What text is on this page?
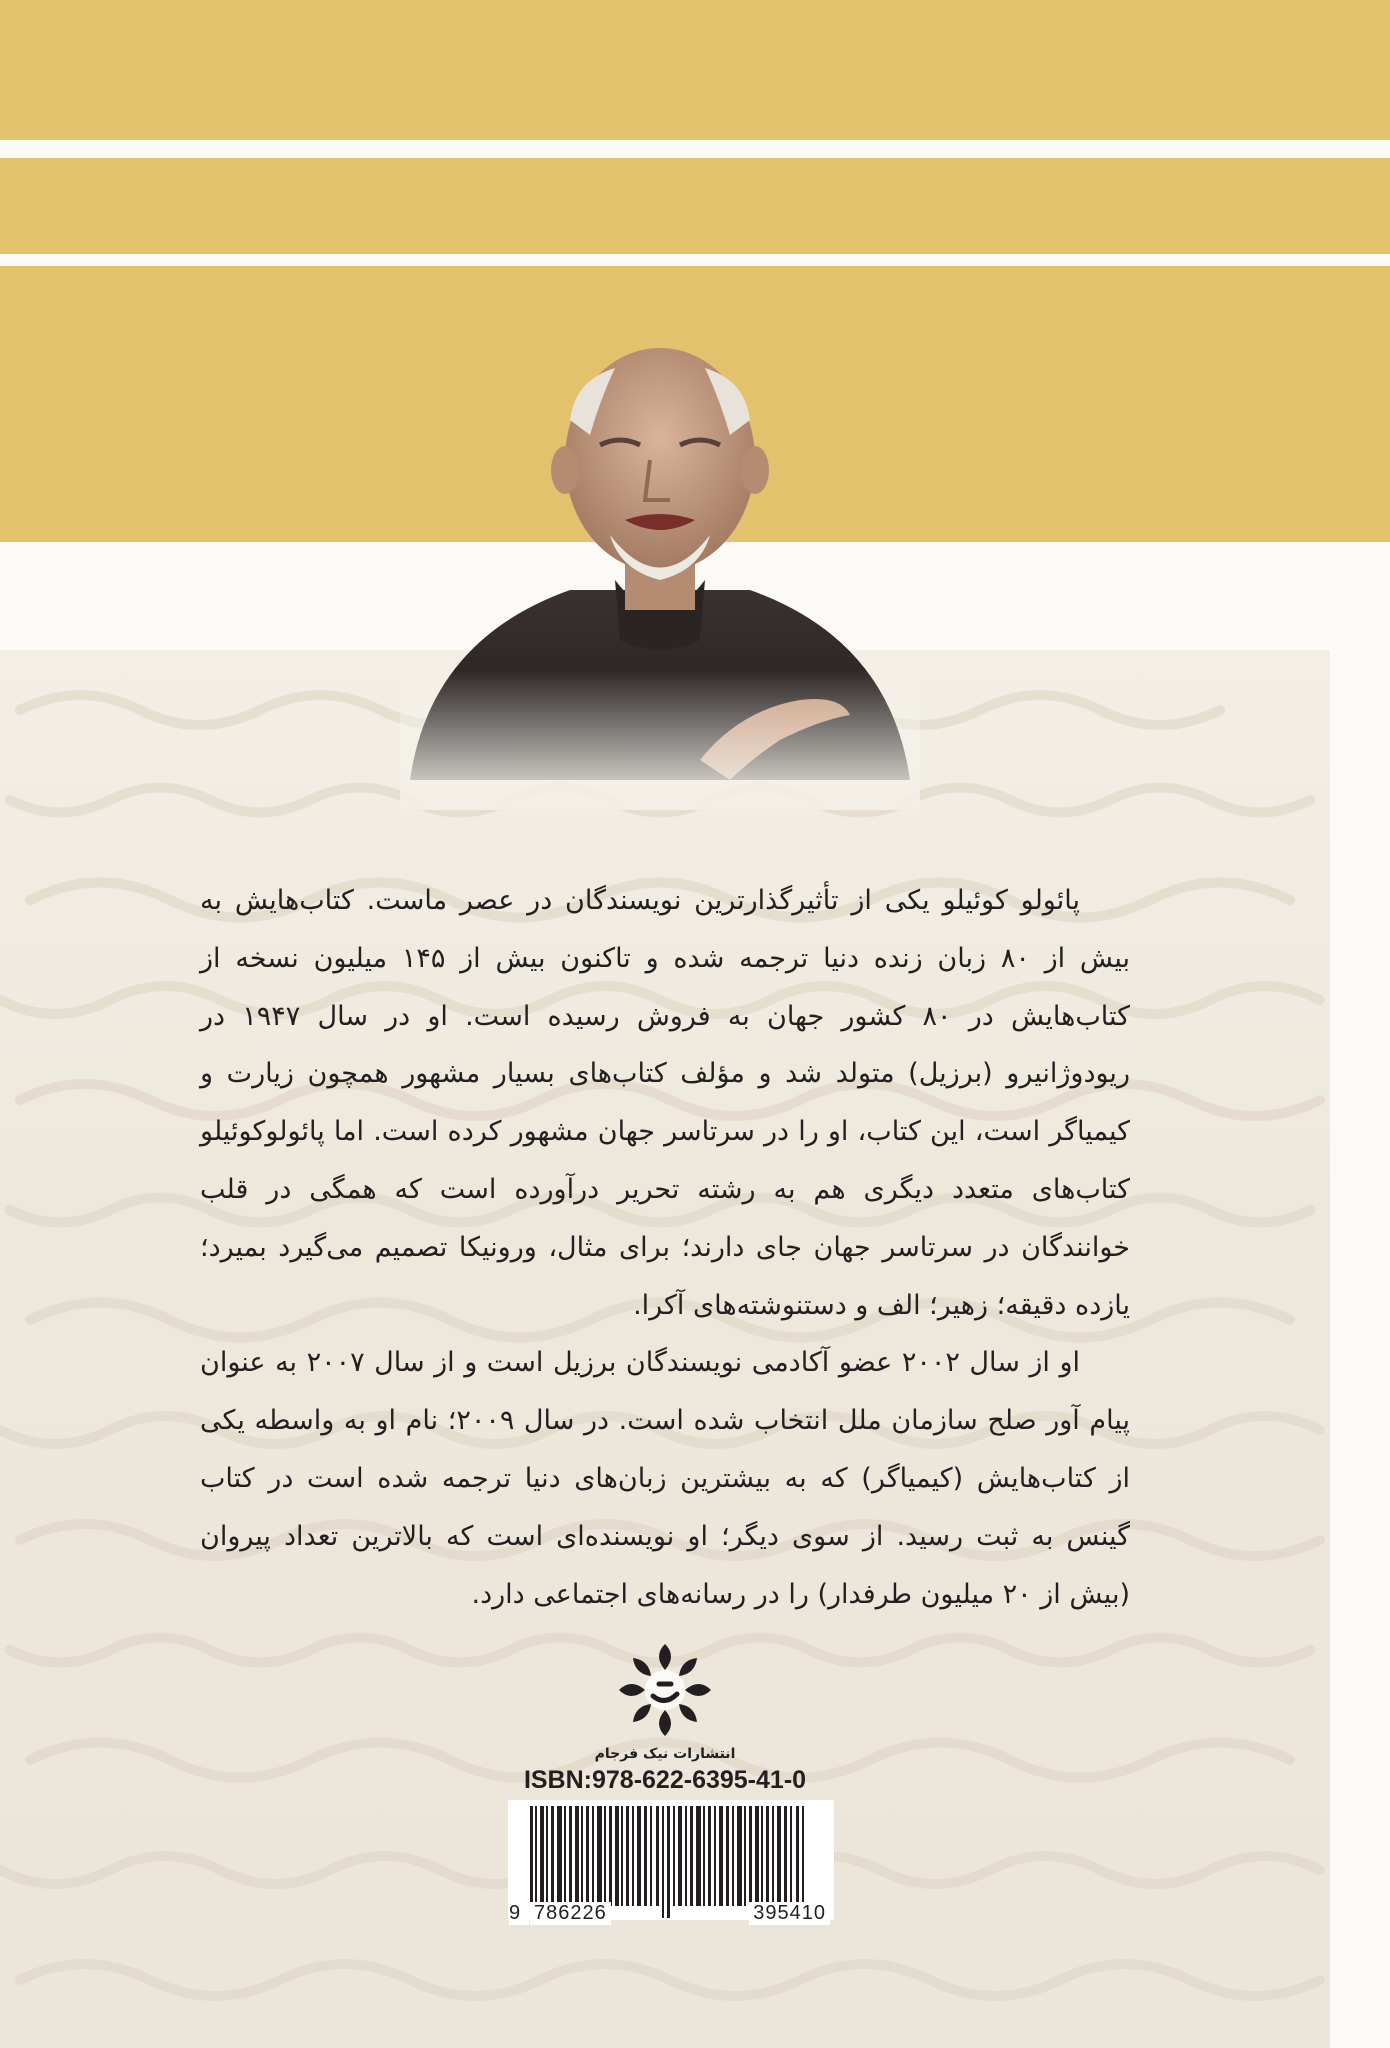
پائولو کوئیلو یکی از تأثیرگذارترین نویسندگان در عصر ماست. کتاب‌هایش به بیش از ۸۰ زبان زنده دنیا ترجمه شده و تاکنون بیش از ۱۴۵ میلیون نسخه از کتاب‌هایش در ۸۰ کشور جهان به فروش رسیده است. او در سال ۱۹۴۷ در ریودوژانیرو (برزیل) متولد شد و مؤلف کتاب‌های بسیار مشهور همچون زیارت و کیمیاگر است، این کتاب، او را در سرتاسر جهان مشهور کرده است. اما پائولوکوئیلو کتاب‌های متعدد دیگری هم به رشته تحریر درآورده است که همگی در قلب خوانندگان در سرتاسر جهان جای دارند؛ برای مثال، ورونیکا تصمیم می‌گیرد بمیرد؛ یازده دقیقه؛ زهیر؛ الف و دستنوشته‌های آکرا.

او از سال ۲۰۰۲ عضو آکادمی نویسندگان برزیل است و از سال ۲۰۰۷ به عنوان پیام آور صلح سازمان ملل انتخاب شده است. در سال ۲۰۰۹؛ نام او به واسطه یکی از کتاب‌هایش (کیمیاگر) که به بیشترین زبان‌های دنیا ترجمه شده است در کتاب گینس به ثبت رسید. از سوی دیگر؛ او نویسنده‌ای است که بالاترین تعداد پیروان (بیش از ۲۰ میلیون طرفدار) را در رسانه‌های اجتماعی دارد.

انتشارات نیک فرجام
ISBN:978-622-6395-41-0
9 786226	395410
